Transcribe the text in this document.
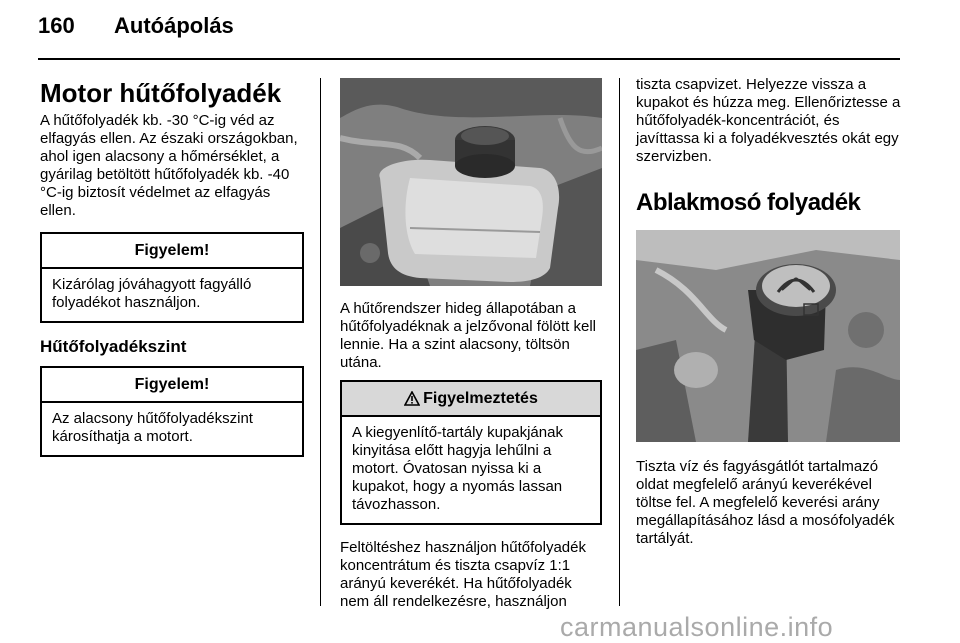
160 Autóápolás
Motor hűtőfolyadék

A hűtőfolyadék kb. -30 °C-ig véd az elfagyás ellen. Az északi országokban, ahol igen alacsony a hőmérséklet, a gyárilag betöltött hűtőfolyadék kb. -40 °C-ig biztosít védelmet az elfagyás ellen.

Figyelem!
Kizárólag jóváhagyott fagyálló folyadékot használjon.
Hűtőfolyadékszint
Figyelem!
Az alacsony hűtőfolyadékszint károsíthatja a motort.

A hűtőrendszer hideg állapotában a hűtőfolyadéknak a jelzővonal fölött kell lennie. Ha a szint alacsony, töltsön utána.

Figyelmeztetés
A kiegyenlítő-tartály kupakjának kinyitása előtt hagyja lehűlni a motort. Óvatosan nyissa ki a kupakot, hogy a nyomás lassan távozhasson.

Feltöltéshez használjon hűtőfolyadék koncentrátum és tiszta csapvíz 1:1 arányú keverékét. Ha hűtőfolyadék nem áll rendelkezésre, használjon

tiszta csapvizet. Helyezze vissza a kupakot és húzza meg. Ellenőriztesse a hűtőfolyadék-koncentrációt, és javíttassa ki a folyadékvesztés okát egy szervizben.

Ablakmosó folyadék

Tiszta víz és fagyásgátlót tartalmazó oldat megfelelő arányú keverékével töltse fel. A megfelelő keverési arány megállapításához lásd a mosófolyadék tartályát.

carmanualsonline.info
